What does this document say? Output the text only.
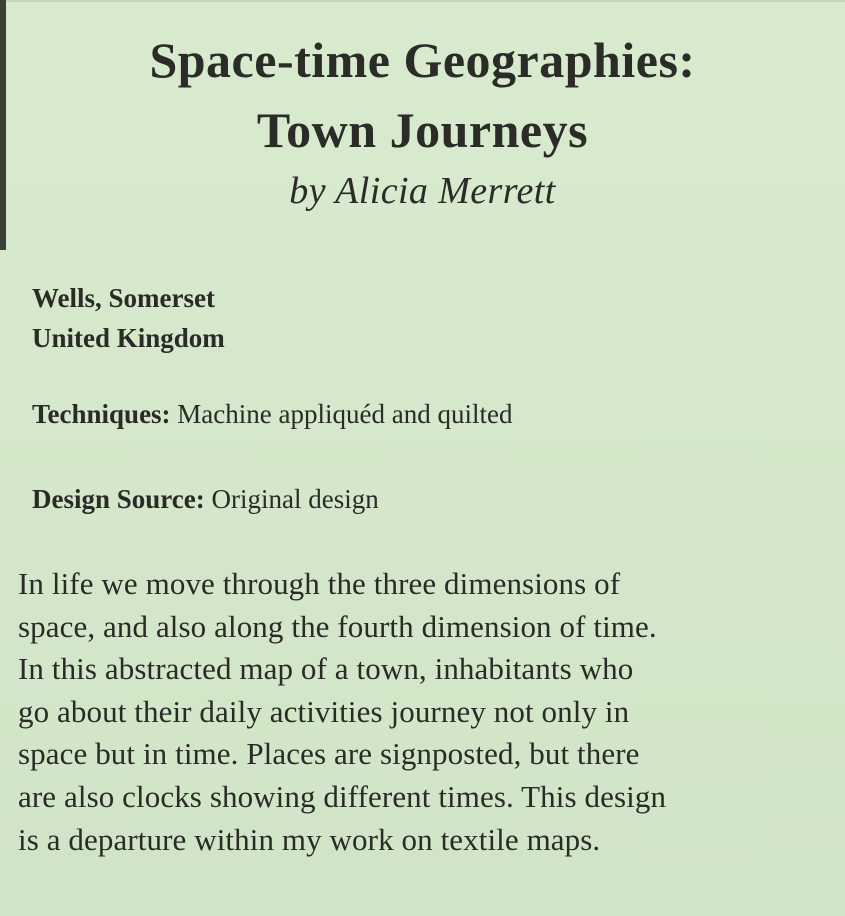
Space-time Geographies:
Town Journeys
by Alicia Merrett
Wells, Somerset
United Kingdom
Techniques: Machine appliquéd and quilted
Design Source: Original design

In life we move through the three dimensions of
space, and also along the fourth dimension of time.
In this abstracted map of a town, inhabitants who
go about their daily activities journey not only in
space but in time. Places are signposted, but there
are also clocks showing different times. This design
is a departure within my work on textile maps.
